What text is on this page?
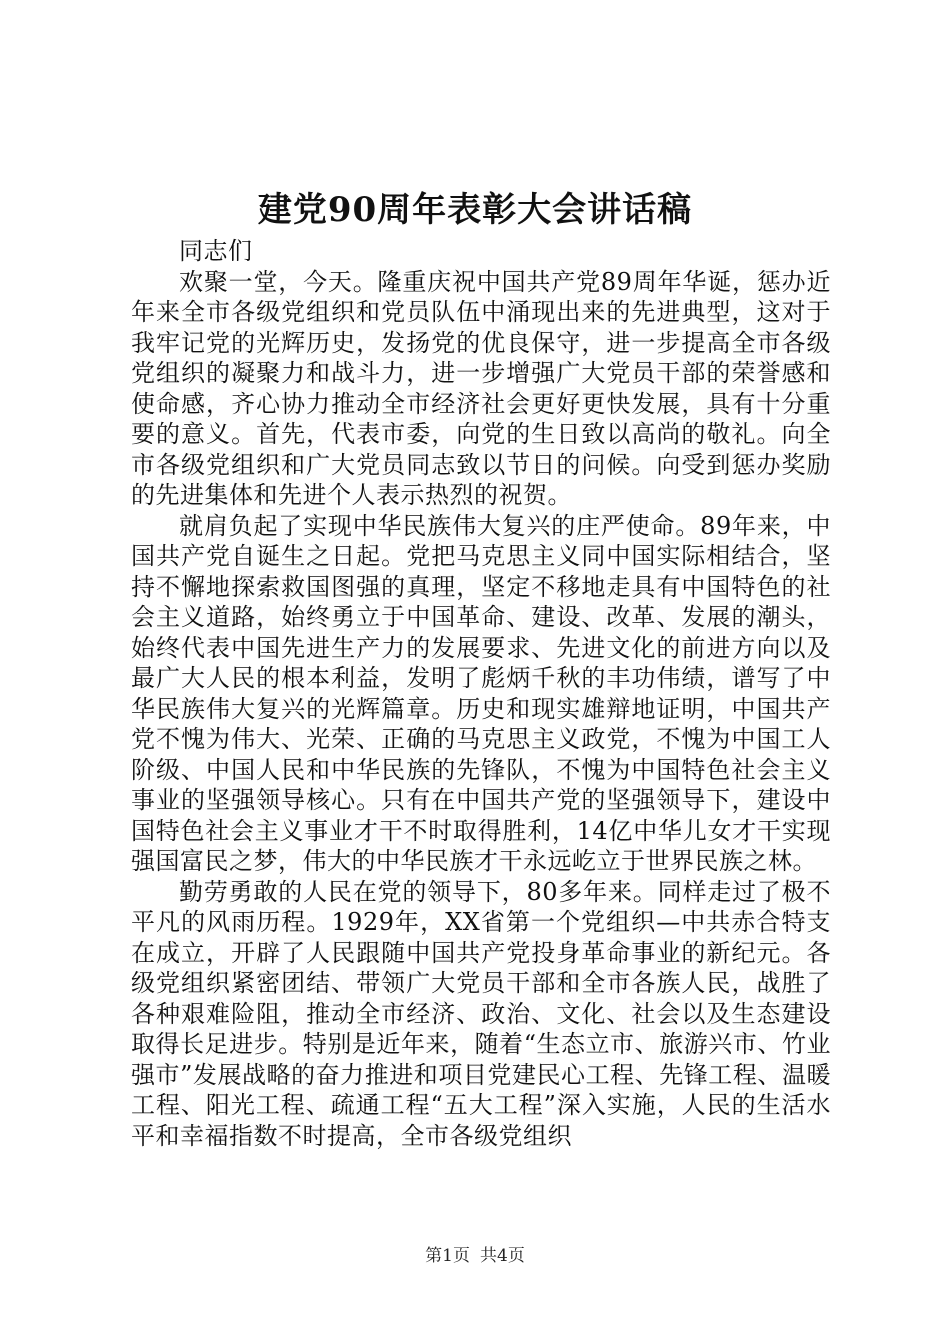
建党90周年表彰大会讲话稿

同志们

欢聚一堂，今天。隆重庆祝中国共产党89周年华诞，惩办近年来全市各级党组织和党员队伍中涌现出来的先进典型，这对于我牢记党的光辉历史，发扬党的优良保守，进一步提高全市各级党组织的凝聚力和战斗力，进一步增强广大党员干部的荣誉感和使命感，齐心协力推动全市经济社会更好更快发展，具有十分重要的意义。首先，代表市委，向党的生日致以高尚的敬礼。向全市各级党组织和广大党员同志致以节日的问候。向受到惩办奖励的先进集体和先进个人表示热烈的祝贺。

就肩负起了实现中华民族伟大复兴的庄严使命。89年来，中国共产党自诞生之日起。党把马克思主义同中国实际相结合，坚持不懈地探索救国图强的真理，坚定不移地走具有中国特色的社会主义道路，始终勇立于中国革命、建设、改革、发展的潮头，始终代表中国先进生产力的发展要求、先进文化的前进方向以及最广大人民的根本利益，发明了彪炳千秋的丰功伟绩，谱写了中华民族伟大复兴的光辉篇章。历史和现实雄辩地证明，中国共产党不愧为伟大、光荣、正确的马克思主义政党，不愧为中国工人阶级、中国人民和中华民族的先锋队，不愧为中国特色社会主义事业的坚强领导核心。只有在中国共产党的坚强领导下，建设中国特色社会主义事业才干不时取得胜利，14亿中华儿女才干实现强国富民之梦，伟大的中华民族才干永远屹立于世界民族之林。

勤劳勇敢的人民在党的领导下，80多年来。同样走过了极不平凡的风雨历程。1929年，XX省第一个党组织—中共赤合特支在成立，开辟了人民跟随中国共产党投身革命事业的新纪元。各级党组织紧密团结、带领广大党员干部和全市各族人民，战胜了各种艰难险阻，推动全市经济、政治、文化、社会以及生态建设取得长足进步。特别是近年来，随着“生态立市、旅游兴市、竹业强市”发展战略的奋力推进和项目党建民心工程、先锋工程、温暖工程、阳光工程、疏通工程“五大工程”深入实施，人民的生活水平和幸福指数不时提高，全市各级党组织

第1页 共4页
